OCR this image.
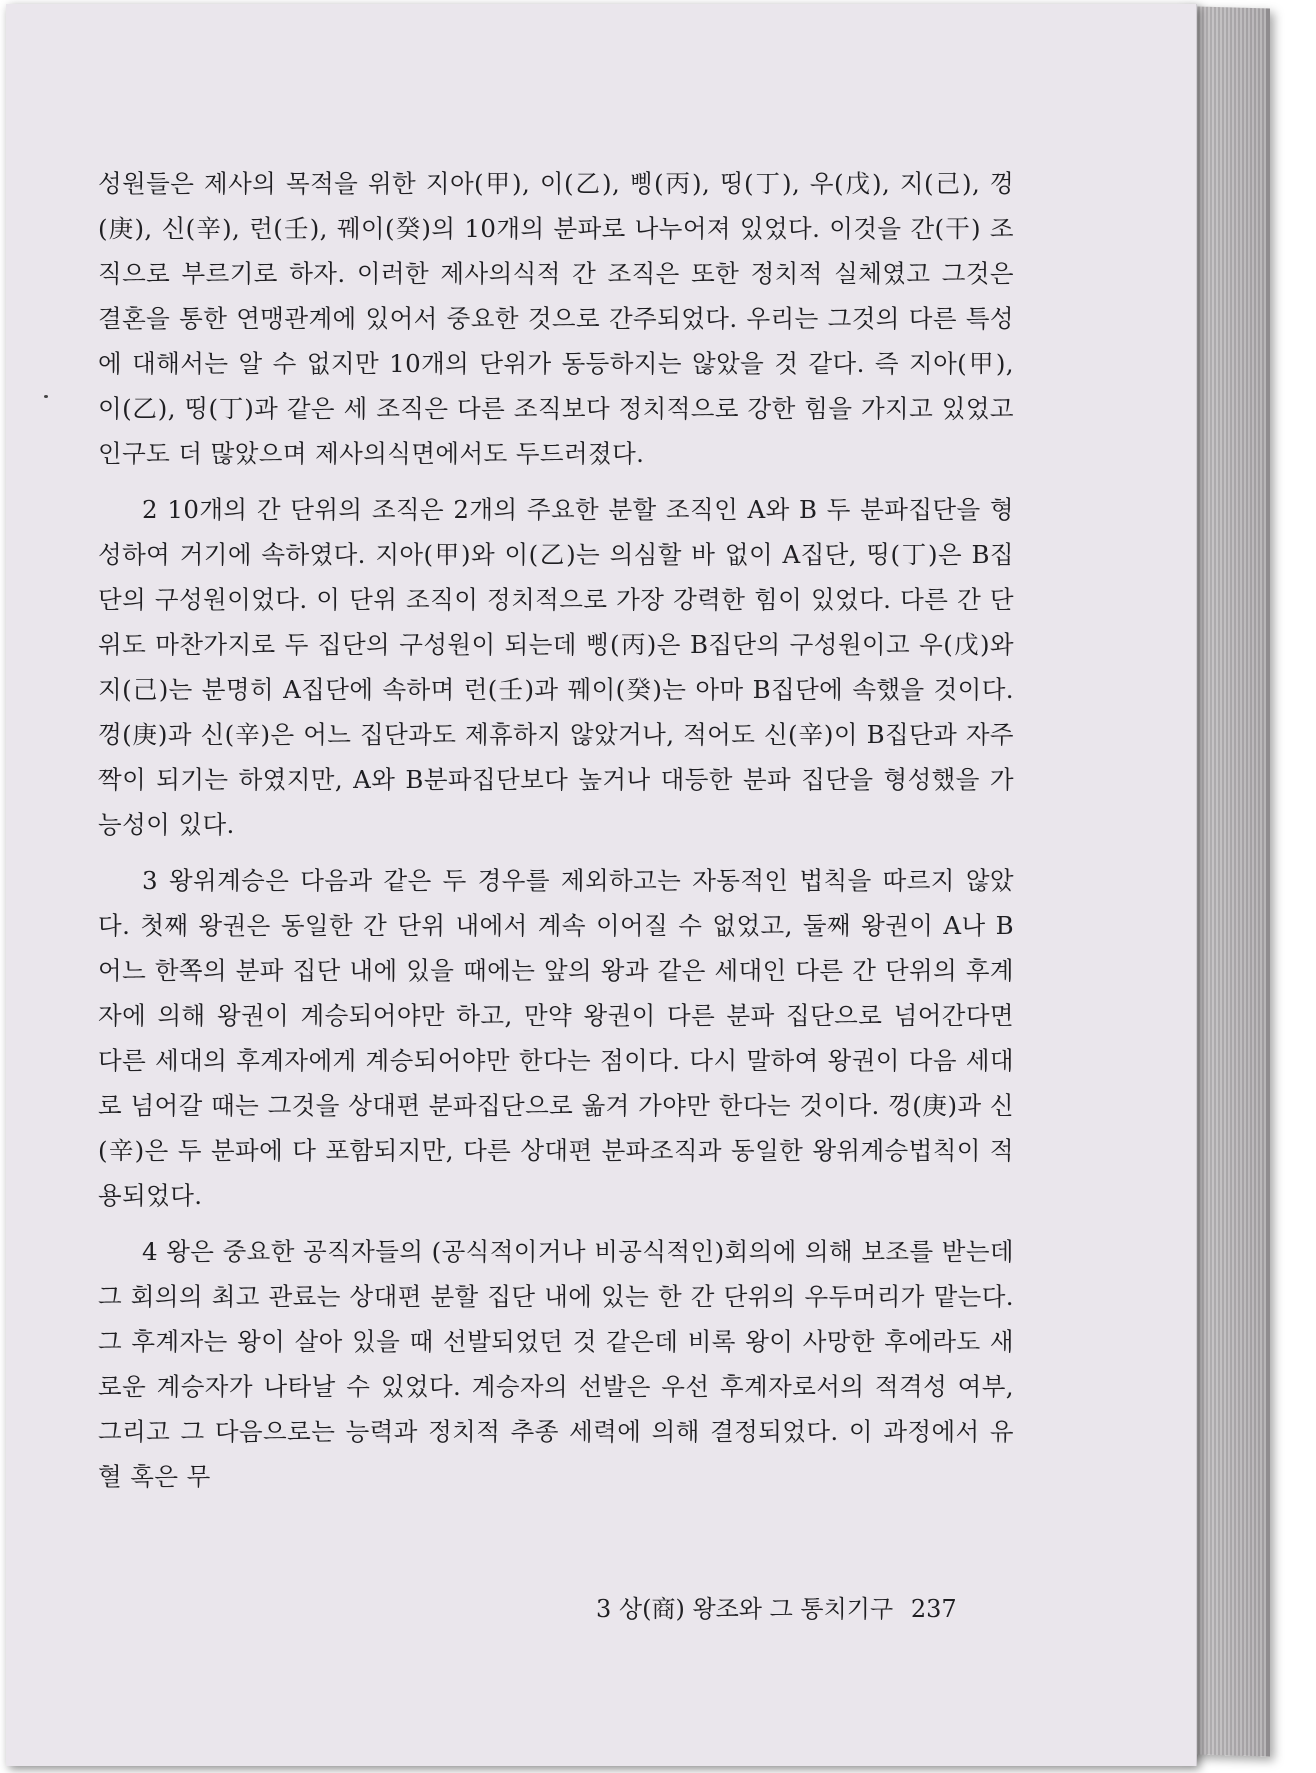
성원들은 제사의 목적을 위한 지아(甲), 이(乙), 삥(丙), 띵(丁), 우(戊), 지(己), 껑(庚), 신(辛), 런(壬), 꿰이(癸)의 10개의 분파로 나누어져 있었다. 이것을 간(干) 조직으로 부르기로 하자. 이러한 제사의식적 간 조직은 또한 정치적 실체였고 그것은 결혼을 통한 연맹관계에 있어서 중요한 것으로 간주되었다. 우리는 그것의 다른 특성에 대해서는 알 수 없지만 10개의 단위가 동등하지는 않았을 것 같다. 즉 지아(甲), 이(乙), 띵(丁)과 같은 세 조직은 다른 조직보다 정치적으로 강한 힘을 가지고 있었고 인구도 더 많았으며 제사의식면에서도 두드러졌다.

2 10개의 간 단위의 조직은 2개의 주요한 분할 조직인 A와 B 두 분파집단을 형성하여 거기에 속하였다. 지아(甲)와 이(乙)는 의심할 바 없이 A집단, 띵(丁)은 B집단의 구성원이었다. 이 단위 조직이 정치적으로 가장 강력한 힘이 있었다. 다른 간 단위도 마찬가지로 두 집단의 구성원이 되는데 삥(丙)은 B집단의 구성원이고 우(戊)와 지(己)는 분명히 A집단에 속하며 런(壬)과 꿰이(癸)는 아마 B집단에 속했을 것이다. 껑(庚)과 신(辛)은 어느 집단과도 제휴하지 않았거나, 적어도 신(辛)이 B집단과 자주 짝이 되기는 하였지만, A와 B분파집단보다 높거나 대등한 분파 집단을 형성했을 가능성이 있다.

3 왕위계승은 다음과 같은 두 경우를 제외하고는 자동적인 법칙을 따르지 않았다. 첫째 왕권은 동일한 간 단위 내에서 계속 이어질 수 없었고, 둘째 왕권이 A나 B 어느 한쪽의 분파 집단 내에 있을 때에는 앞의 왕과 같은 세대인 다른 간 단위의 후계자에 의해 왕권이 계승되어야만 하고, 만약 왕권이 다른 분파 집단으로 넘어간다면 다른 세대의 후계자에게 계승되어야만 한다는 점이다. 다시 말하여 왕권이 다음 세대로 넘어갈 때는 그것을 상대편 분파집단으로 옮겨 가야만 한다는 것이다. 껑(庚)과 신(辛)은 두 분파에 다 포함되지만, 다른 상대편 분파조직과 동일한 왕위계승법칙이 적용되었다.

4 왕은 중요한 공직자들의 (공식적이거나 비공식적인)회의에 의해 보조를 받는데 그 회의의 최고 관료는 상대편 분할 집단 내에 있는 한 간 단위의 우두머리가 맡는다. 그 후계자는 왕이 살아 있을 때 선발되었던 것 같은데 비록 왕이 사망한 후에라도 새로운 계승자가 나타날 수 있었다. 계승자의 선발은 우선 후계자로서의 적격성 여부, 그리고 그 다음으로는 능력과 정치적 추종 세력에 의해 결정되었다. 이 과정에서 유혈 혹은 무

3 상(商) 왕조와 그 통치기구 237
